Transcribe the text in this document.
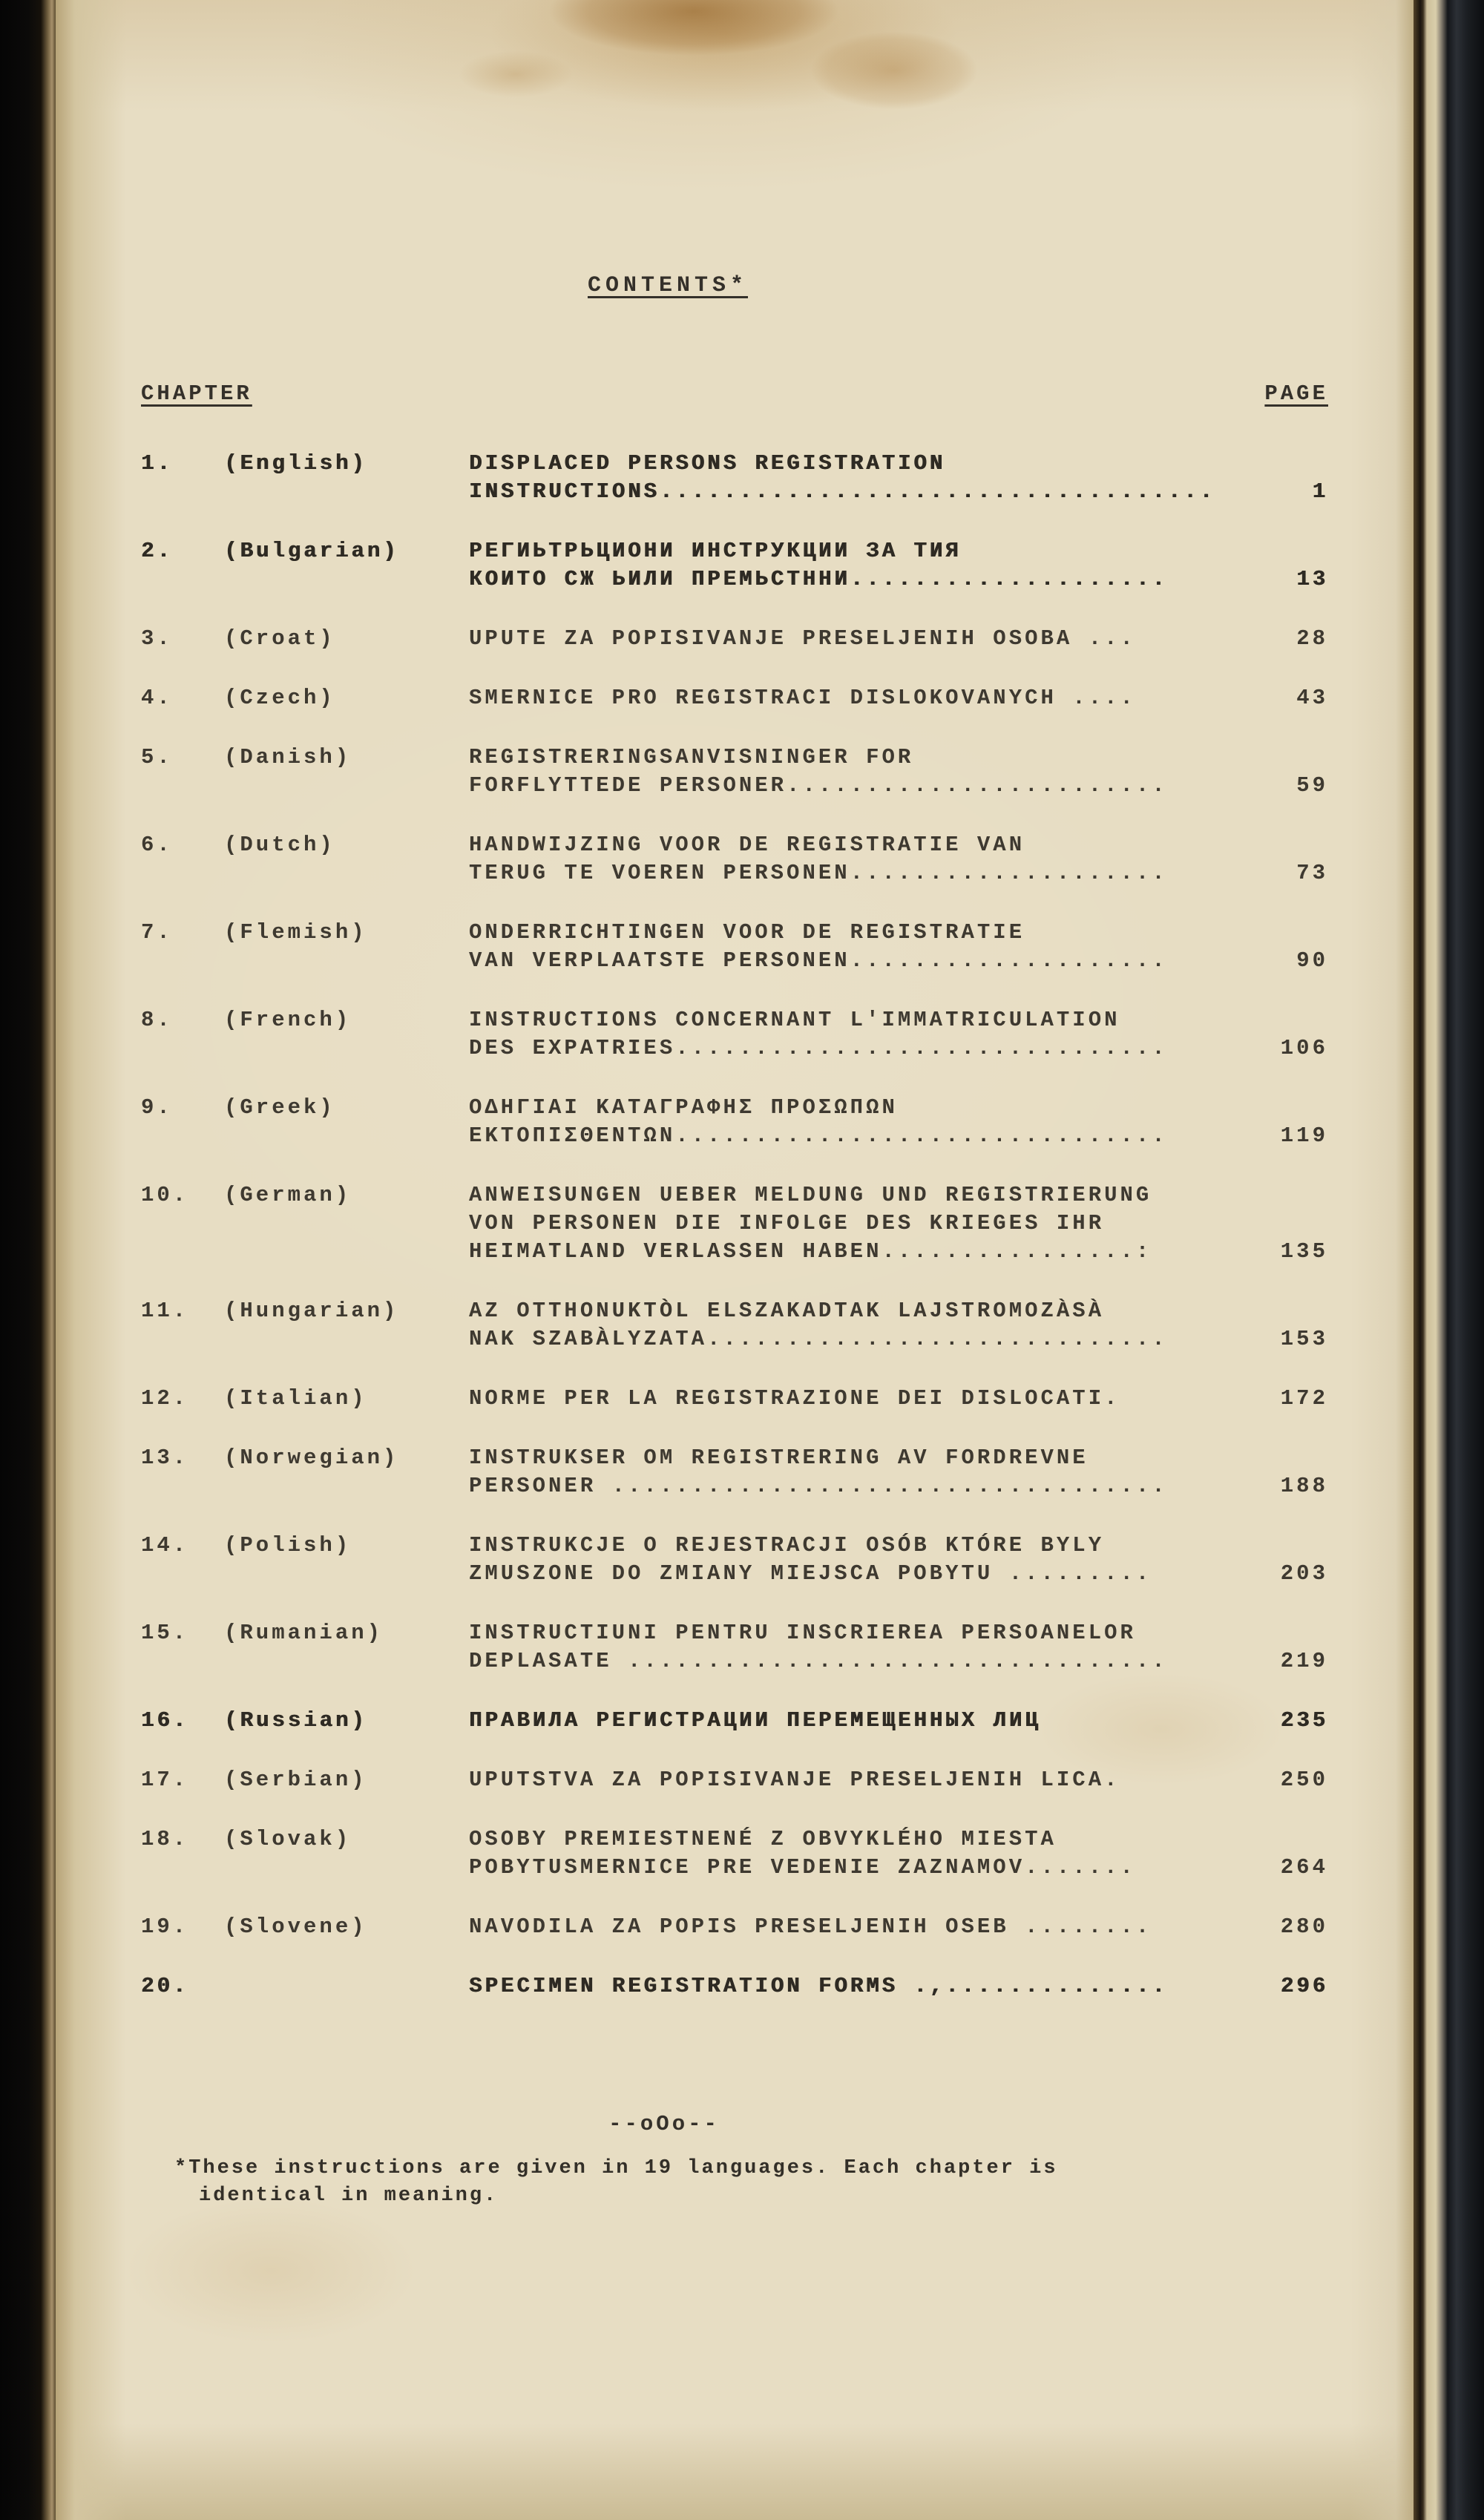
CONTENTS*
CHAPTER	PAGE
1.	(English)	DISPLACED PERSONS REGISTRATION
INSTRUCTIONS...................................	1
2.	(Bulgarian)	РЕГИЬТРЬЦИОНИ ИНСТРУКЦИИ ЗА ТИЯ
КОИТО СЖ ЬИЛИ ПРЕМЬСТННИ....................	13
3.	(Croat)	UPUTE ZA POPISIVANJE PRESELJENIH OSOBA ...	28
4.	(Czech)	SMERNICE PRO REGISTRACI DISLOKOVANYCH ....	43
5.	(Danish)	REGISTRERINGSANVISNINGER FOR
FORFLYTTEDE PERSONER........................	59
6.	(Dutch)	HANDWIJZING VOOR DE REGISTRATIE VAN
TERUG TE VOEREN PERSONEN....................	73
7.	(Flemish)	ONDERRICHTINGEN VOOR DE REGISTRATIE
VAN VERPLAATSTE PERSONEN....................	90
8.	(French)	INSTRUCTIONS CONCERNANT L'IMMATRICULATION
DES EXPATRIES...............................	106
9.	(Greek)	ΟΔΗΓΙΑΙ ΚΑΤΑΓΡΑΦΗΣ ΠΡΟΣΩΠΩΝ
ΕΚΤΟΠΙΣΘΕΝΤΩΝ...............................	119
10.	(German)	ANWEISUNGEN UEBER MELDUNG UND REGISTRIERUNG
VON PERSONEN DIE INFOLGE DES KRIEGES IHR
HEIMATLAND VERLASSEN HABEN................:	135
11.	(Hungarian)	AZ OTTHONUKTÒL ELSZAKADTAK LAJSTROMOZÀSÀ
NAK SZABÀLYZATA.............................	153
12.	(Italian)	NORME PER LA REGISTRAZIONE DEI DISLOCATI.	172
13.	(Norwegian)	INSTRUKSER OM REGISTRERING AV FORDREVNE
PERSONER ...................................	188
14.	(Polish)	INSTRUKCJE O REJESTRACJI OSÓB KTÓRE BYLY
ZMUSZONE DO ZMIANY MIEJSCA POBYTU .........	203
15.	(Rumanian)	INSTRUCTIUNI PENTRU INSCRIEREA PERSOANELOR
DEPLASATE ..................................	219
16.	(Russian)	ПРАВИЛА РЕГИСТРАЦИИ ПЕРЕМЕЩЕННЫХ ЛИЦ	235
17.	(Serbian)	UPUTSTVA ZA POPISIVANJE PRESELJENIH LICA.	250
18.	(Slovak)	OSOBY PREMIESTNENÉ Z OBVYKLÉHO MIESTA
POBYTUSMERNICE PRE VEDENIE ZAZNAMOV.......	264
19.	(Slovene)	NAVODILA ZA POPIS PRESELJENIH OSEB ........	280
20.	SPECIMEN REGISTRATION FORMS .,..............	296
--oOo--
*These instructions are given in 19 languages. Each chapter is
identical in meaning.
